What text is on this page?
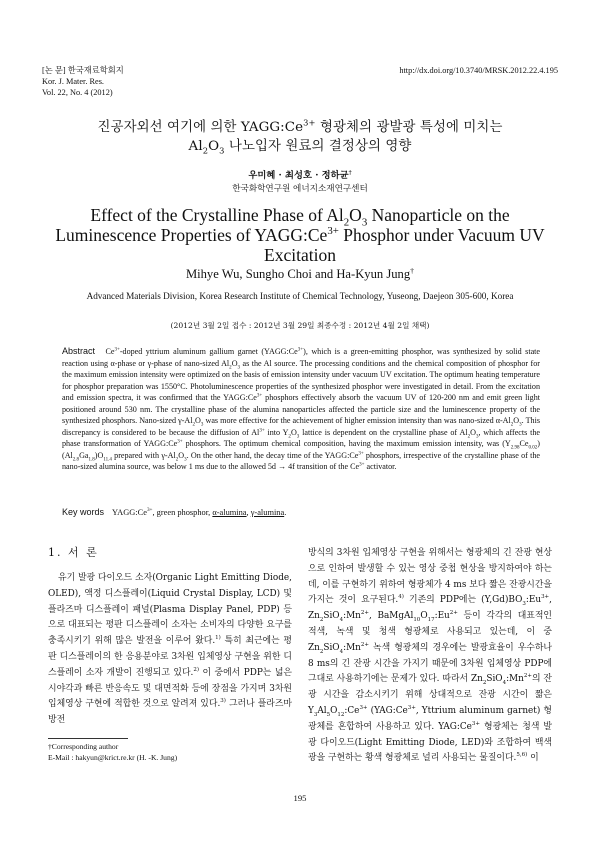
[논 문] 한국재료학회지
Kor. J. Mater. Res.
Vol. 22, No. 4 (2012)
http://dx.doi.org/10.3740/MRSK.2012.22.4.195
진공자외선 여기에 의한 $YAGG:Ce^{3+}$ 형광체의 광발광 특성에 미치는
$Al_2O_3$ 나노입자 원료의 결정상의 영향
우미혜 · 최성호 · 정하균†
한국화학연구원 에너지소재연구센터
Effect of the Crystalline Phase of $Al_2O_3$ Nanoparticle on the
Luminescence Properties of $YAGG:Ce^{3+}$ Phosphor under Vacuum UV
Excitation
Mihye Wu, Sungho Choi and Ha-Kyun Jung†
Advanced Materials Division, Korea Research Institute of Chemical Technology, Yuseong, Daejeon 305-600, Korea
(2012년 3월 2일 접수 : 2012년 3월 29일 최종수정 : 2012년 4월 2일 채택)
Abstract   $Ce^{3+}$-doped yttrium aluminum gallium garnet $(YAGG:Ce^{3+})$, which is a green-emitting phosphor, was synthesized by solid state reaction using α-phase or γ-phase of nano-sized $Al_2O_3$ as the Al source. The processing conditions and the chemical composition of phosphor for the maximum emission intensity were optimized on the basis of emission intensity under vacuum UV excitation. The optimum heating temperature for phosphor preparation was 1550°C. Photoluminescence properties of the synthesized phosphor were investigated in detail. From the excitation and emission spectra, it was confirmed that the $YAGG:Ce^{3+}$ phosphors effectively absorb the vacuum UV of 120-200 nm and emit green light positioned around 530 nm. The crystalline phase of the alumina nanoparticles affected the particle size and the luminescence property of the synthesized phosphors. Nano-sized $\gamma-Al_2O_3$ was more effective for the achievement of higher emission intensity than was nano-sized $\alpha-Al_2O_3$. This discrepancy is considered to be because the diffusion of $Al^{3+}$ into $Y_2O_3$ lattice is dependent on the crystalline phase of $Al_2O_3$, which affects the phase transformation of $YAGG:Ce^{3+}$ phosphors. The optimum chemical composition, having the maximum emission intensity, was $(Y_{2.98}Ce_{0.02})(Al_{2.8}Ga_{1.8})O_{11.4}$ prepared with $\gamma-Al_2O_3$. On the other hand, the decay time of the $YAGG:Ce^{3+}$ phosphors, irrespective of the crystalline phase of the nano-sized alumina source, was below 1 ms due to the allowed 5d → 4f transition of the $Ce^{3+}$ activator.
Key words $YAGG:Ce^{3+}$, green phosphor, α-alumina, γ-alumina.
1. 서 론
유기 발광 다이오드 소자(Organic Light Emitting Diode, OLED), 액정 디스플레이(Liquid Crystal Display, LCD) 및 플라즈마 디스플레이 패널(Plasma Display Panel, PDP) 등으로 대표되는 평판 디스플레이 소자는 소비자의 다양한 요구를 충족시키기 위해 많은 발전을 이루어 왔다.$^{1)}$ 특히 최근에는 평판 디스플레이의 한 응용분야로 3차원 입체영상 구현을 위한 디스플레이 소자 개발이 진행되고 있다.$^{2)}$ 이 중에서 PDP는 넓은 시야각과 빠른 반응속도 및 대면적화 등에 장점을 가지며 3차원 입체영상 구현에 적합한 것으로 알려져 있다.$^{3)}$ 그러나 플라즈마 방전
방식의 3차원 입체영상 구현을 위해서는 형광체의 긴 잔광 현상으로 인하여 발생할 수 있는 영상 중첩 현상을 방지하여야 하는데, 이를 구현하기 위하여 형광체가 4 ms 보다 짧은 잔광시간을 가지는 것이 요구된다.$^{4)}$ 기존의 PDP에는 $(Y,Gd)BO_3:Eu^{3+}$, $Zn_2SiO_4:Mn^{2+}$, $BaMgAl_{10}O_{17}:Eu^{2+}$ 등이 각각의 대표적인 적색, 녹색 및 청색 형광체로 사용되고 있는데, 이 중 $Zn_2SiO_4:Mn^{2+}$ 녹색 형광체의 경우에는 발광효율이 우수하나 8 ms의 긴 잔광 시간을 가지기 때문에 3차원 입체영상 PDP에 그대로 사용하기에는 문제가 있다. 따라서 $Zn_2SiO_4:Mn^{2+}$의 잔광 시간을 감소시키기 위해 상대적으로 잔광 시간이 짧은 $Y_3Al_5O_{12}:Ce^{3+}$ ($YAG:Ce^{3+}$, Yttrium aluminum garnet) 형광체를 혼합하여 사용하고 있다. $YAG:Ce^{3+}$ 형광체는 청색 발광 다이오드(Light Emitting Diode, LED)와 조합하여 백색광을 구현하는 황색 형광체로 널리 사용되는 물질이다.$^{5,6)}$ 이
†Corresponding author
E-Mail : hakyun@krict.re.kr (H. -K. Jung)
195
